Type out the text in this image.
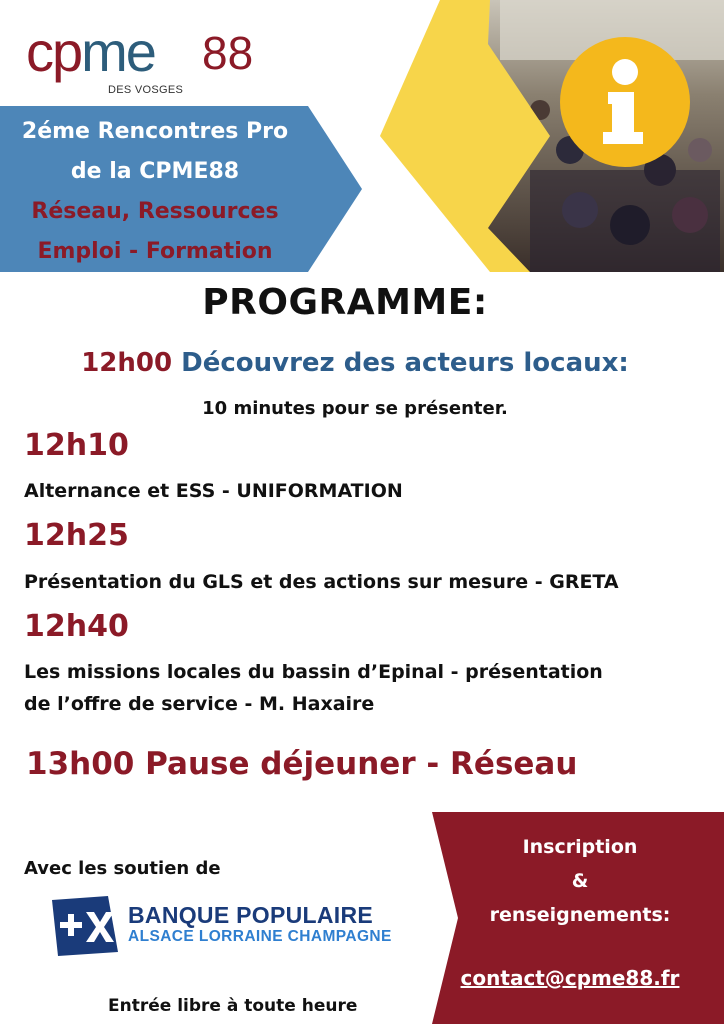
cpme 88
DES VOSGES
2éme Rencontres Pro
de la CPME88
Réseau, Ressources
Emploi - Formation
PROGRAMME:
12h00 Découvrez des acteurs locaux:
10 minutes pour se présenter.
12h10
Alternance et ESS - UNIFORMATION
12h25
Présentation du GLS et des actions sur mesure - GRETA
12h40
Les missions locales du bassin d’Epinal - présentation
de l’offre de service - M. Haxaire
13h00 Pause déjeuner - Réseau
Avec les soutien de
BANQUE POPULAIRE
ALSACE LORRAINE CHAMPAGNE
Entrée libre à toute heure
Inscription
&
renseignements:
contact@cpme88.fr
